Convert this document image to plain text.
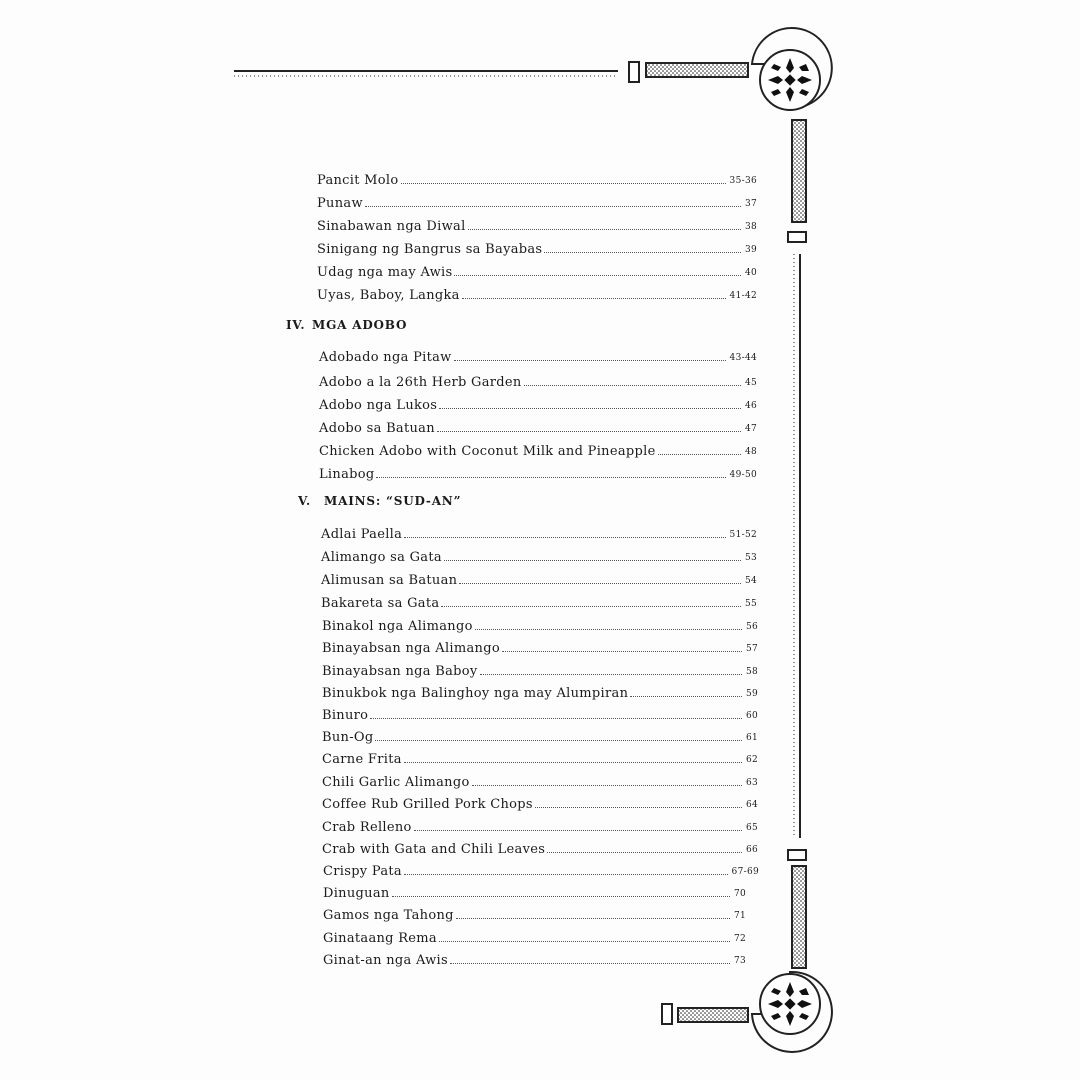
Pancit Molo	35-36
Punaw	37
Sinabawan nga Diwal	38
Sinigang ng Bangrus sa Bayabas	39
Udag nga may Awis	40
Uyas, Baboy, Langka	41-42
IV. MGA ADOBO
Adobado nga Pitaw	43-44
Adobo a la 26th Herb Garden	45
Adobo nga Lukos	46
Adobo sa Batuan	47
Chicken Adobo with Coconut Milk and Pineapple	48
Linabog	49-50
V. MAINS: “SUD-AN”
Adlai Paella	51-52
Alimango sa Gata	53
Alimusan sa Batuan	54
Bakareta sa Gata	55
Binakol nga Alimango	56
Binayabsan nga Alimango	57
Binayabsan nga Baboy	58
Binukbok nga Balinghoy nga may Alumpiran	59
Binuro	60
Bun-Og	61
Carne Frita	62
Chili Garlic Alimango	63
Coffee Rub Grilled Pork Chops	64
Crab Relleno	65
Crab with Gata and Chili Leaves	66
Crispy Pata	67-69
Dinuguan	70
Gamos nga Tahong	71
Ginataang Rema	72
Ginat-an nga Awis	73
